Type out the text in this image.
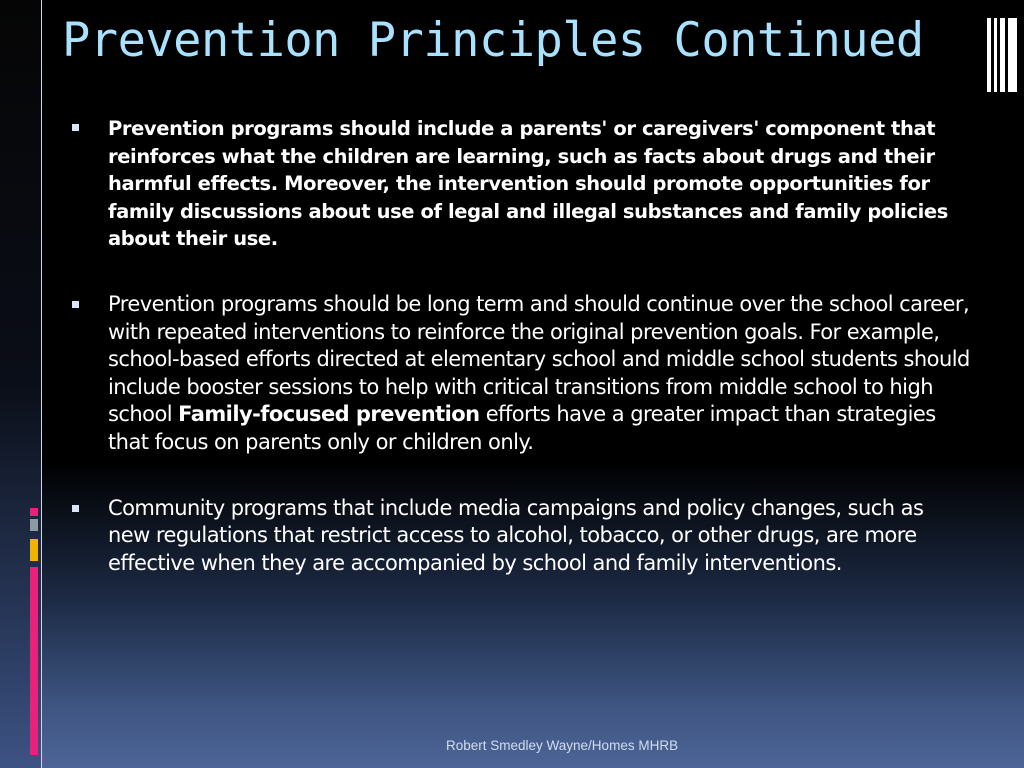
Prevention Principles Continued
Prevention programs should include a parents' or caregivers' component that reinforces what the children are learning, such as facts about drugs and their harmful effects. Moreover, the intervention should promote opportunities for family discussions about use of legal and illegal substances and family policies about their use.
Prevention programs should be long term and should continue over the school career, with repeated interventions to reinforce the original prevention goals. For example, school-based efforts directed at elementary school and middle school students should include booster sessions to help with critical transitions from middle school to high school Family-focused prevention efforts have a greater impact than strategies that focus on parents only or children only.
Community programs that include media campaigns and policy changes, such as new regulations that restrict access to alcohol, tobacco, or other drugs, are more effective when they are accompanied by school and family interventions.

Robert Smedley Wayne/Homes MHRB
